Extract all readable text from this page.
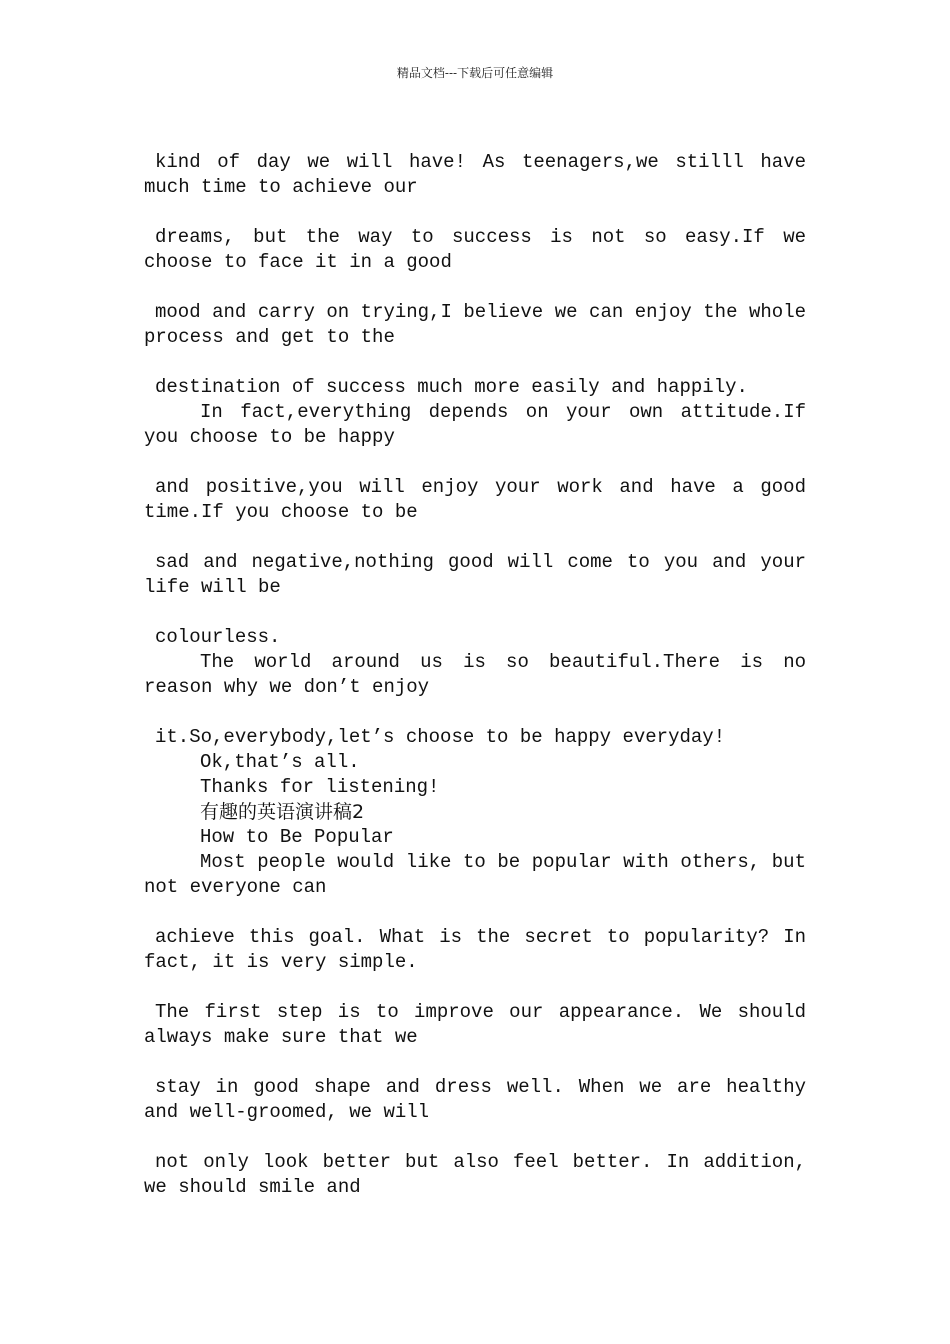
精品文档---下载后可任意编辑

kind of day we will have! As teenagers,we stilll have much time to achieve our

dreams, but the way to success is not so easy.If we choose to face it in a good

mood and carry on trying,I believe we can enjoy the whole process and get to the

destination of success much more easily and happily.

In fact,everything depends on your own attitude.If you choose to be happy

and positive,you will enjoy your work and have a good time.If you choose to be

sad and negative,nothing good will come to you and your life will be

colourless.

The world around us is so beautiful.There is no reason why we don’t enjoy

it.So,everybody,let’s choose to be happy everyday!

Ok,that’s all.

Thanks for listening!

有趣的英语演讲稿2

How to Be Popular

Most people would like to be popular with others, but not everyone can

achieve this goal. What is the secret to popularity? In fact, it is very simple.

The first step is to improve our appearance. We should always make sure that we

stay in good shape and dress well. When we are healthy and well-groomed, we will

not only look better but also feel better. In addition, we should smile and
